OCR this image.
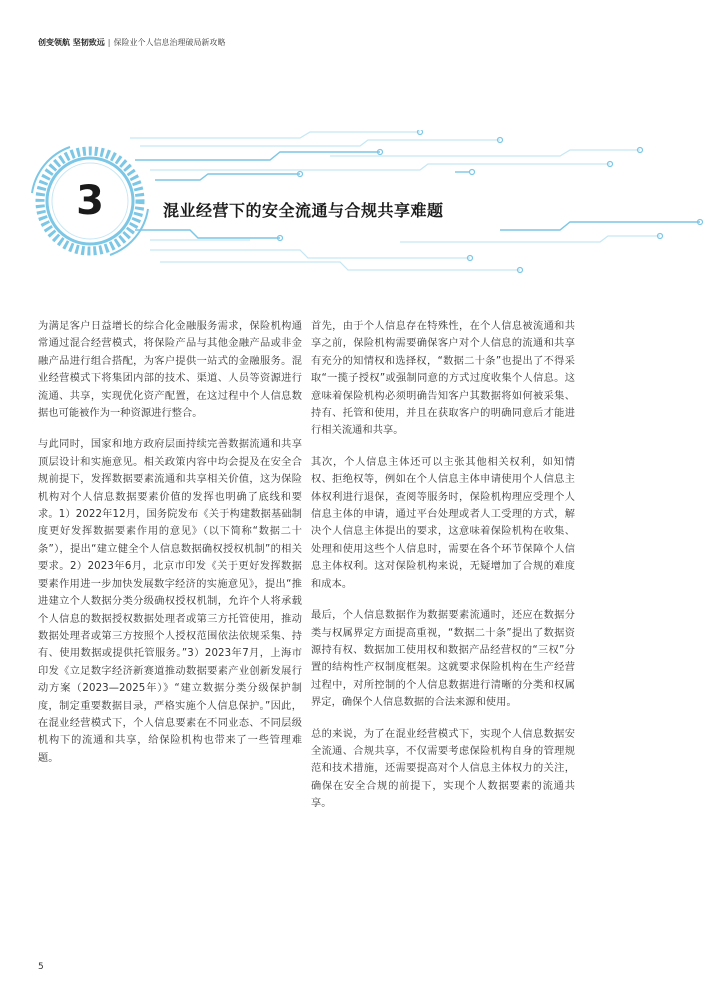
创变领航 坚韧致远 | 保险业个人信息治理破局新攻略
3	混业经营下的安全流通与合规共享难题

为满足客户日益增长的综合化金融服务需求，保险机构通常通过混合经营模式，将保险产品与其他金融产品或非金融产品进行组合搭配，为客户提供一站式的金融服务。混业经营模式下将集团内部的技术、渠道、人员等资源进行流通、共享，实现优化资产配置，在这过程中个人信息数据也可能被作为一种资源进行整合。

与此同时，国家和地方政府层面持续完善数据流通和共享顶层设计和实施意见。相关政策内容中均会提及在安全合规前提下，发挥数据要素流通和共享相关价值，这为保险机构对个人信息数据要素价值的发挥也明确了底线和要求。1）2022年12月，国务院发布《关于构建数据基础制度更好发挥数据要素作用的意见》（以下简称“数据二十条”），提出“建立健全个人信息数据确权授权机制”的相关要求。2）2023年6月，北京市印发《关于更好发挥数据要素作用进一步加快发展数字经济的实施意见》，提出“推进建立个人数据分类分级确权授权机制，允许个人将承载个人信息的数据授权数据处理者或第三方托管使用，推动数据处理者或第三方按照个人授权范围依法依规采集、持有、使用数据或提供托管服务。”3）2023年7月，上海市印发《立足数字经济新赛道推动数据要素产业创新发展行动方案（2023—2025年）》“建立数据分类分级保护制度，制定重要数据目录，严格实施个人信息保护。”因此，在混业经营模式下，个人信息要素在不同业态、不同层级机构下的流通和共享，给保险机构也带来了一些管理难题。

首先，由于个人信息存在特殊性，在个人信息被流通和共享之前，保险机构需要确保客户对个人信息的流通和共享有充分的知情权和选择权，“数据二十条”也提出了不得采取“一揽子授权”或强制同意的方式过度收集个人信息。这意味着保险机构必须明确告知客户其数据将如何被采集、持有、托管和使用，并且在获取客户的明确同意后才能进行相关流通和共享。

其次，个人信息主体还可以主张其他相关权利，如知情权、拒绝权等，例如在个人信息主体申请使用个人信息主体权利进行退保，查阅等服务时，保险机构理应受理个人信息主体的申请，通过平台处理或者人工受理的方式，解决个人信息主体提出的要求，这意味着保险机构在收集、处理和使用这些个人信息时，需要在各个环节保障个人信息主体权利。这对保险机构来说，无疑增加了合规的难度和成本。

最后，个人信息数据作为数据要素流通时，还应在数据分类与权属界定方面提高重视，“数据二十条”提出了数据资源持有权、数据加工使用权和数据产品经营权的“三权”分置的结构性产权制度框架。这就要求保险机构在生产经营过程中，对所控制的个人信息数据进行清晰的分类和权属界定，确保个人信息数据的合法来源和使用。

总的来说，为了在混业经营模式下，实现个人信息数据安全流通、合规共享，不仅需要考虑保险机构自身的管理规范和技术措施，还需要提高对个人信息主体权力的关注，确保在安全合规的前提下，实现个人数据要素的流通共享。

5
